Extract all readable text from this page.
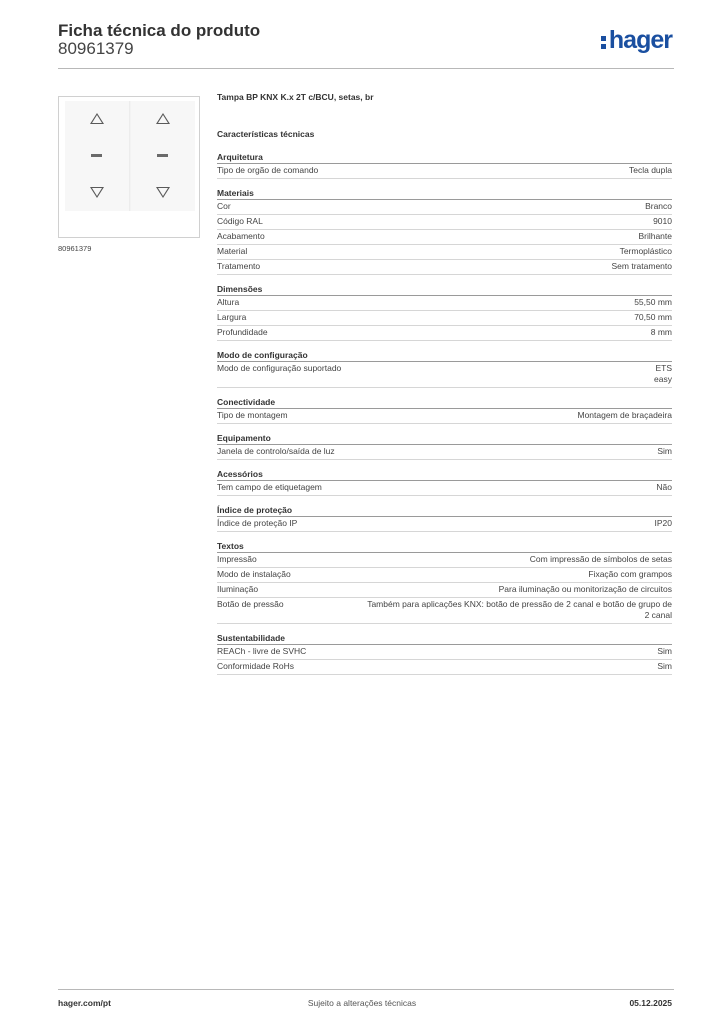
Ficha técnica do produto
80961379	hager
80961379
Tampa BP KNX K.x 2T c/BCU, setas, br
Características técnicas
Arquitetura
Tipo de orgão de comando	Tecla dupla
Materiais
Cor	Branco
Código RAL	9010
Acabamento	Brilhante
Material	Termoplástico
Tratamento	Sem tratamento
Dimensões
Altura	55,50 mm
Largura	70,50 mm
Profundidade	8 mm
Modo de configuração
Modo de configuração suportado	ETS
easy
Conectividade
Tipo de montagem	Montagem de braçadeira
Equipamento
Janela de controlo/saída de luz	Sim
Acessórios
Tem campo de etiquetagem	Não
Índice de proteção
Índice de proteção IP	IP20
Textos
Impressão	Com impressão de símbolos de setas
Modo de instalação	Fixação com grampos
Iluminação	Para iluminação ou monitorização de circuitos
Botão de pressão	Também para aplicações KNX: botão de pressão de 2 canal e botão de grupo de 2 canal
Sustentabilidade
REACh - livre de SVHC	Sim
Conformidade RoHs	Sim
hager.com/pt	Sujeito a alterações técnicas	05.12.2025
